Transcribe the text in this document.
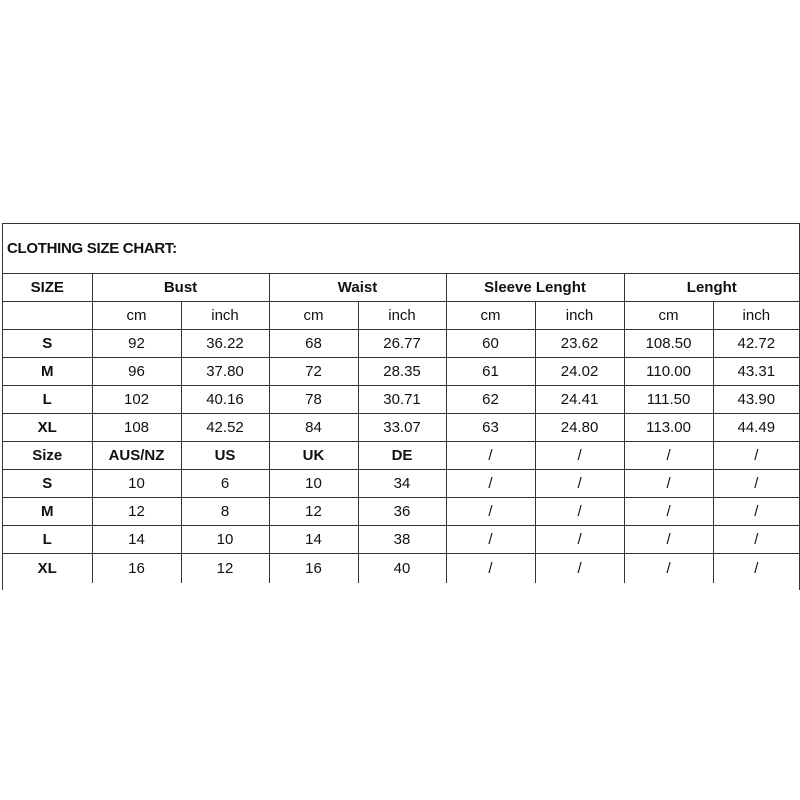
CLOTHING SIZE CHART:
SIZE	Bust		Waist		Sleeve Lenght		Lenght	
	cm	inch	cm	inch	cm	inch	cm	inch
S	92	36.22	68	26.77	60	23.62	108.50	42.72
M	96	37.80	72	28.35	61	24.02	110.00	43.31
L	102	40.16	78	30.71	62	24.41	111.50	43.90
XL	108	42.52	84	33.07	63	24.80	113.00	44.49
Size	AUS/NZ	US	UK	DE	/	/	/	/
S	10	6	10	34	/	/	/	/
M	12	8	12	36	/	/	/	/
L	14	10	14	38	/	/	/	/
XL	16	12	16	40	/	/	/	/
